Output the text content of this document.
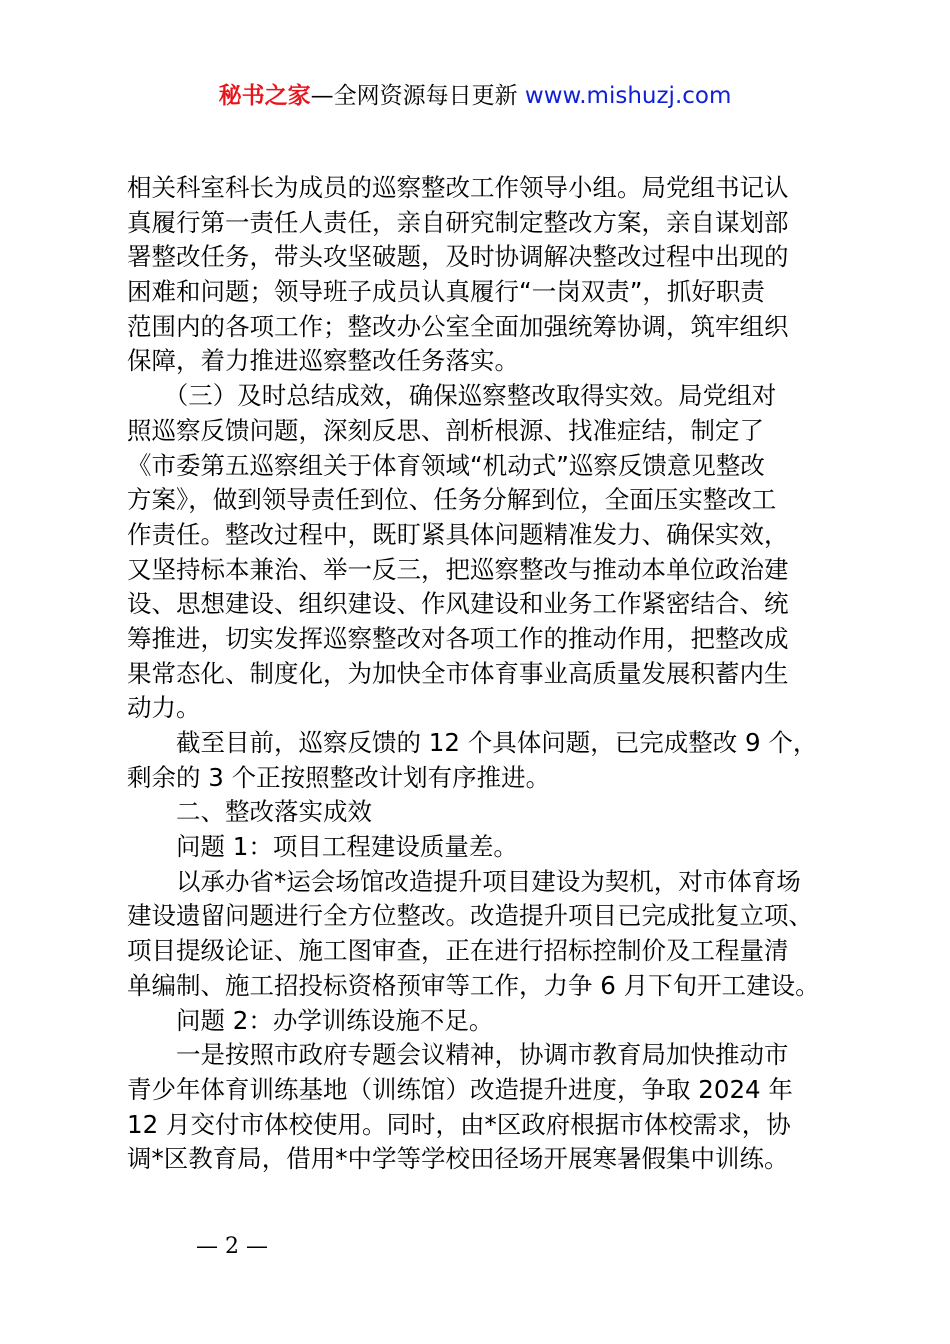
秘书之家—全网资源每日更新 www.mishuzj.com
相关科室科长为成员的巡察整改工作领导小组。局党组书记认
真履行第一责任人责任，亲自研究制定整改方案，亲自谋划部
署整改任务，带头攻坚破题，及时协调解决整改过程中出现的
困难和问题；领导班子成员认真履行“一岗双责”，抓好职责
范围内的各项工作；整改办公室全面加强统筹协调，筑牢组织
保障，着力推进巡察整改任务落实。
　　（三）及时总结成效，确保巡察整改取得实效。局党组对
照巡察反馈问题，深刻反思、剖析根源、找准症结，制定了
《市委第五巡察组关于体育领域“机动式”巡察反馈意见整改
方案》，做到领导责任到位、任务分解到位，全面压实整改工
作责任。整改过程中，既盯紧具体问题精准发力、确保实效，
又坚持标本兼治、举一反三，把巡察整改与推动本单位政治建
设、思想建设、组织建设、作风建设和业务工作紧密结合、统
筹推进，切实发挥巡察整改对各项工作的推动作用，把整改成
果常态化、制度化，为加快全市体育事业高质量发展积蓄内生
动力。
　　截至目前，巡察反馈的 12 个具体问题，已完成整改 9 个，
剩余的 3 个正按照整改计划有序推进。
　　二、整改落实成效
　　问题 1：项目工程建设质量差。
　　以承办省*运会场馆改造提升项目建设为契机，对市体育场
建设遗留问题进行全方位整改。改造提升项目已完成批复立项、
项目提级论证、施工图审查，正在进行招标控制价及工程量清
单编制、施工招投标资格预审等工作，力争 6 月下旬开工建设。
　　问题 2：办学训练设施不足。
　　一是按照市政府专题会议精神，协调市教育局加快推动市
青少年体育训练基地（训练馆）改造提升进度，争取 2024 年
12 月交付市体校使用。同时，由*区政府根据市体校需求，协
调*区教育局，借用*中学等学校田径场开展寒暑假集中训练。
— 2 —
